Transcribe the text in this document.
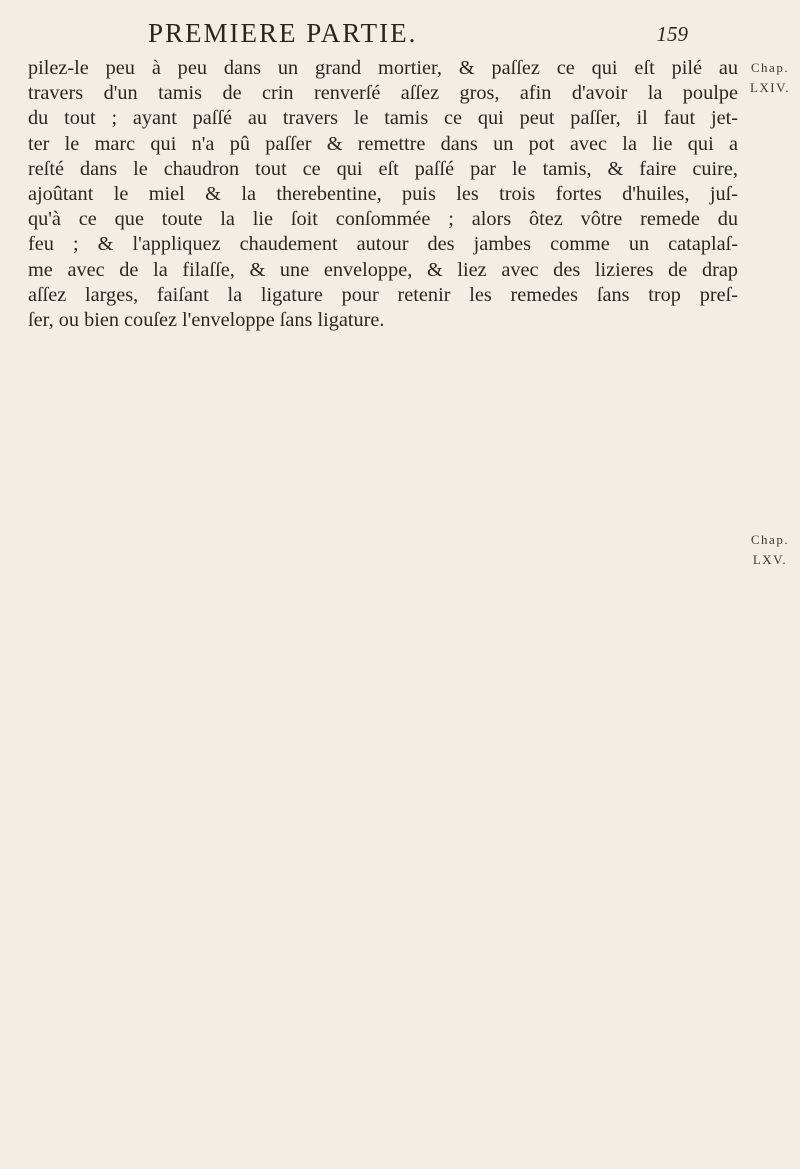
PREMIERE PARTIE.	159
Chap.
LXIV.
Chap.
LXV.

pilez-le peu à peu dans un grand mortier, & paſſez ce qui eſt pilé au

travers d'un tamis de crin renverſé aſſez gros, afin d'avoir la poulpe

du tout ; ayant paſſé au travers le tamis ce qui peut paſſer, il faut jet-

ter le marc qui n'a pû paſſer & remettre dans un pot avec la lie qui a

reſté dans le chaudron tout ce qui eſt paſſé par le tamis, & faire cuire,

ajoûtant le miel & la therebentine, puis les trois fortes d'huiles, juſ-

qu'à ce que toute la lie ſoit conſommée ; alors ôtez vôtre remede du

feu ; & l'appliquez chaudement autour des jambes comme un cataplaſ-

me avec de la filaſſe, & une enveloppe, & liez avec des lizieres de drap

aſſez larges, faiſant la ligature pour retenir les remedes ſans trop preſ-

ſer, ou bien couſez l'enveloppe ſans ligature.
